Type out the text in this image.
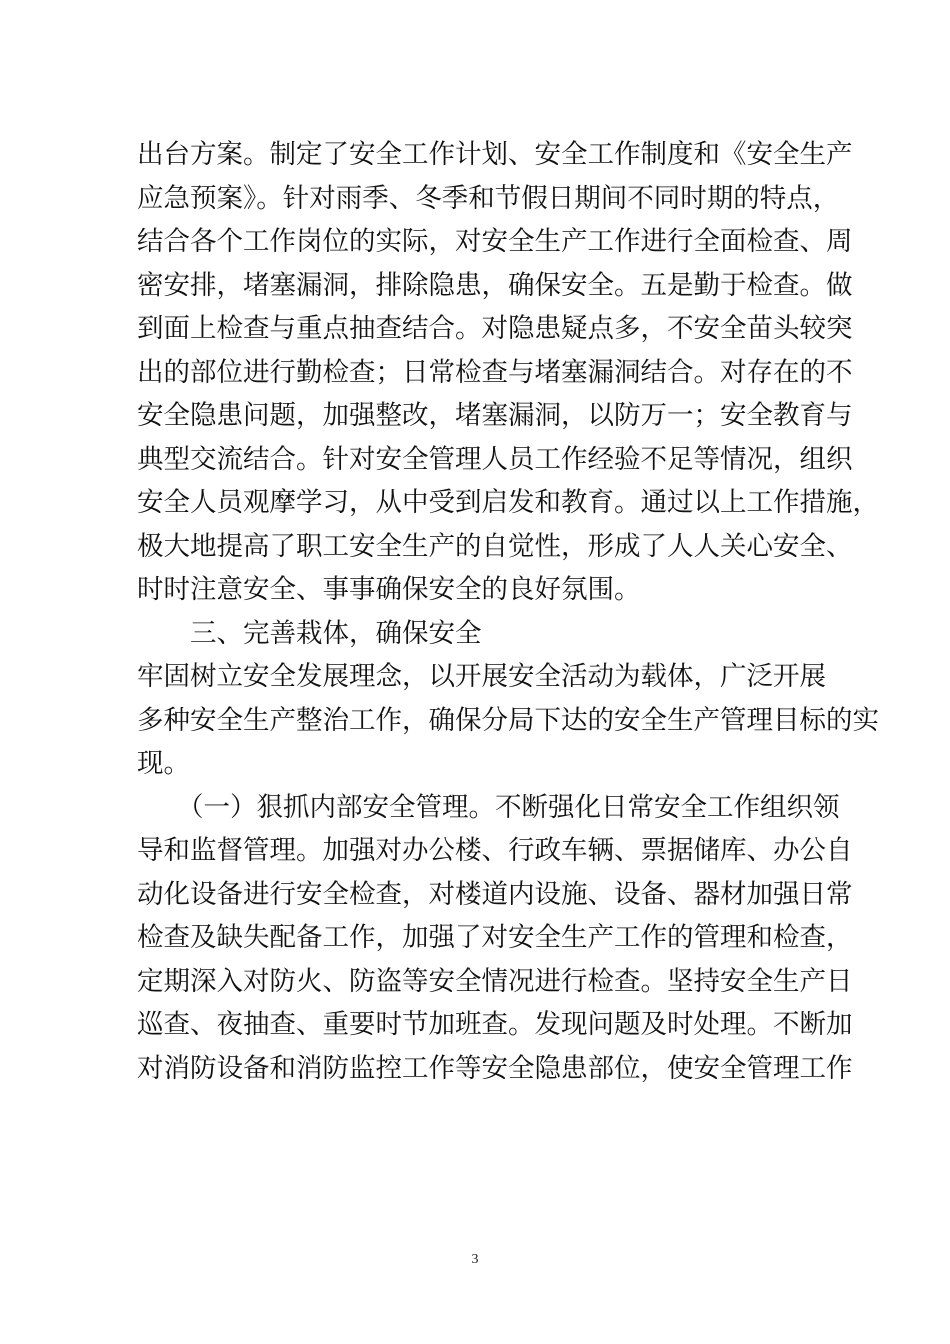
出台方案。制定了安全工作计划、安全工作制度和《安全生产
应急预案》。针对雨季、冬季和节假日期间不同时期的特点，
结合各个工作岗位的实际，对安全生产工作进行全面检查、周
密安排，堵塞漏洞，排除隐患，确保安全。五是勤于检查。做
到面上检查与重点抽查结合。对隐患疑点多，不安全苗头较突
出的部位进行勤检查；日常检查与堵塞漏洞结合。对存在的不
安全隐患问题，加强整改，堵塞漏洞，以防万一；安全教育与
典型交流结合。针对安全管理人员工作经验不足等情况，组织
安全人员观摩学习，从中受到启发和教育。通过以上工作措施，
极大地提高了职工安全生产的自觉性，形成了人人关心安全、
时时注意安全、事事确保安全的良好氛围。
三、完善栽体，确保安全
牢固树立安全发展理念，以开展安全活动为载体，广泛开展
多种安全生产整治工作，确保分局下达的安全生产管理目标的实
现。
（一）狠抓内部安全管理。不断强化日常安全工作组织领
导和监督管理。加强对办公楼、行政车辆、票据储库、办公自
动化设备进行安全检查，对楼道内设施、设备、器材加强日常
检查及缺失配备工作，加强了对安全生产工作的管理和检查，
定期深入对防火、防盗等安全情况进行检查。坚持安全生产日
巡查、夜抽查、重要时节加班查。发现问题及时处理。不断加
对消防设备和消防监控工作等安全隐患部位，使安全管理工作
3
